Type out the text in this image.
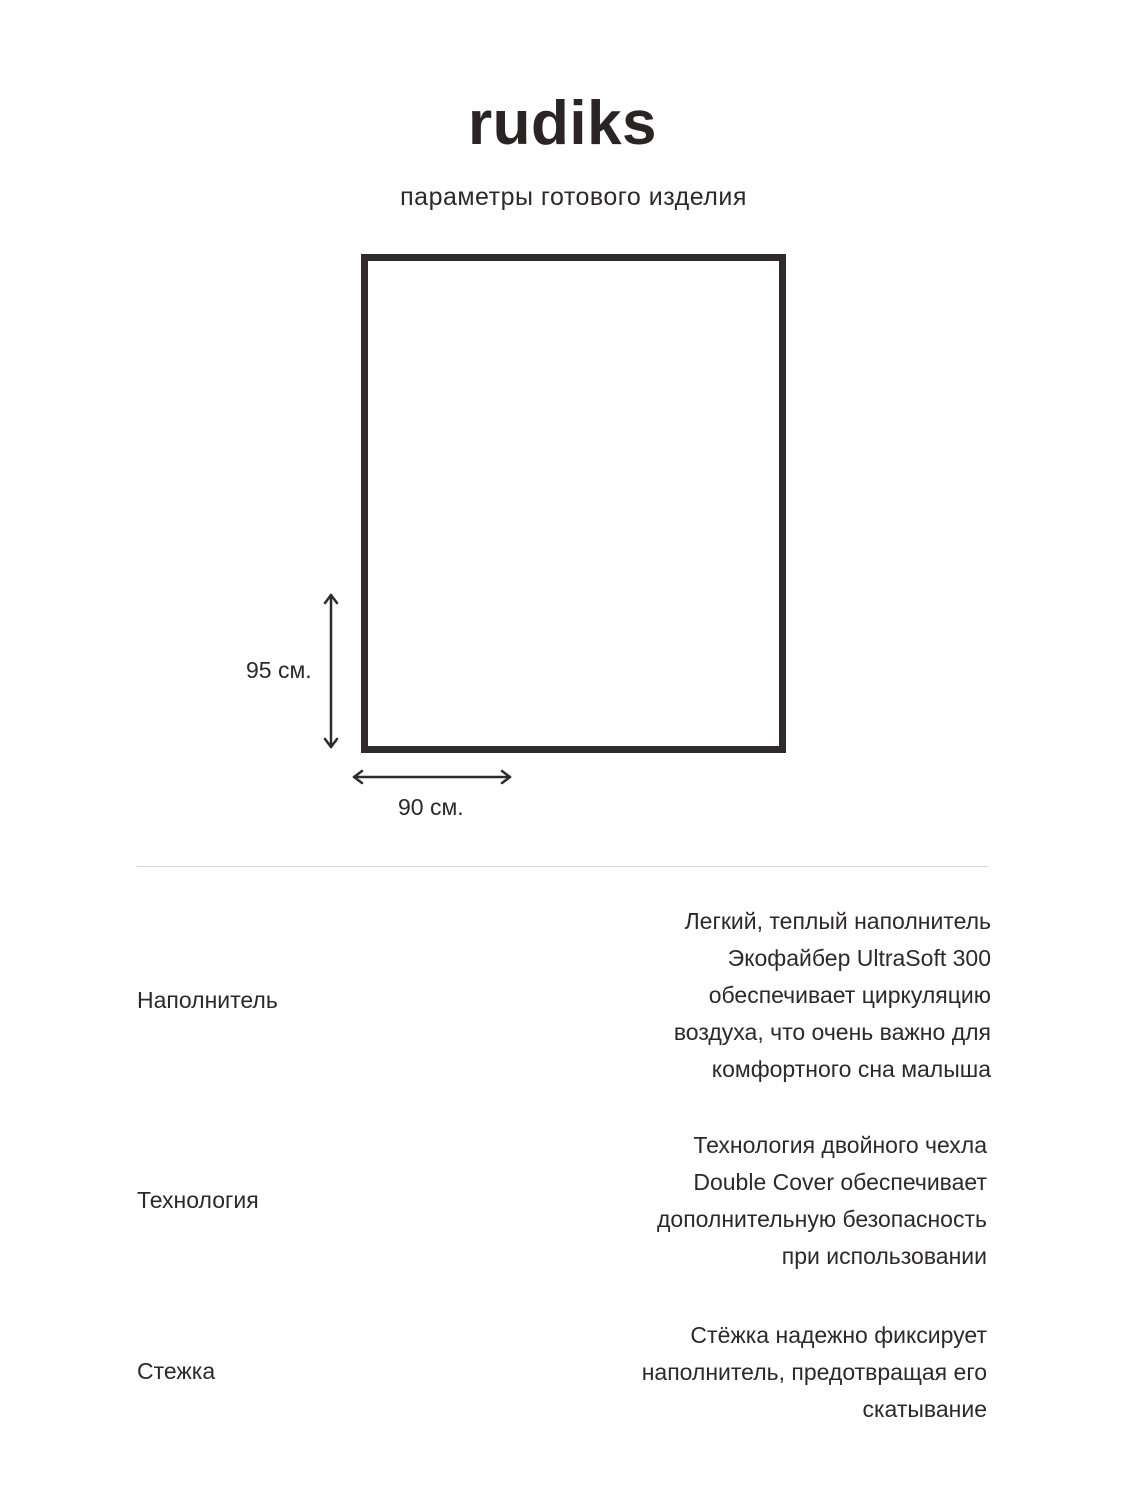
rudiks
параметры готового изделия
95 см.
90 см.
Наполнитель
Легкий, теплый наполнитель
Экофайбер UltraSoft 300
обеспечивает циркуляцию
воздуха, что очень важно для
комфортного сна малыша
Технология
Технология двойного чехла
Double Cover обеспечивает
дополнительную безопасность
при использовании
Стежка
Стёжка надежно фиксирует
наполнитель, предотвращая его
скатывание
